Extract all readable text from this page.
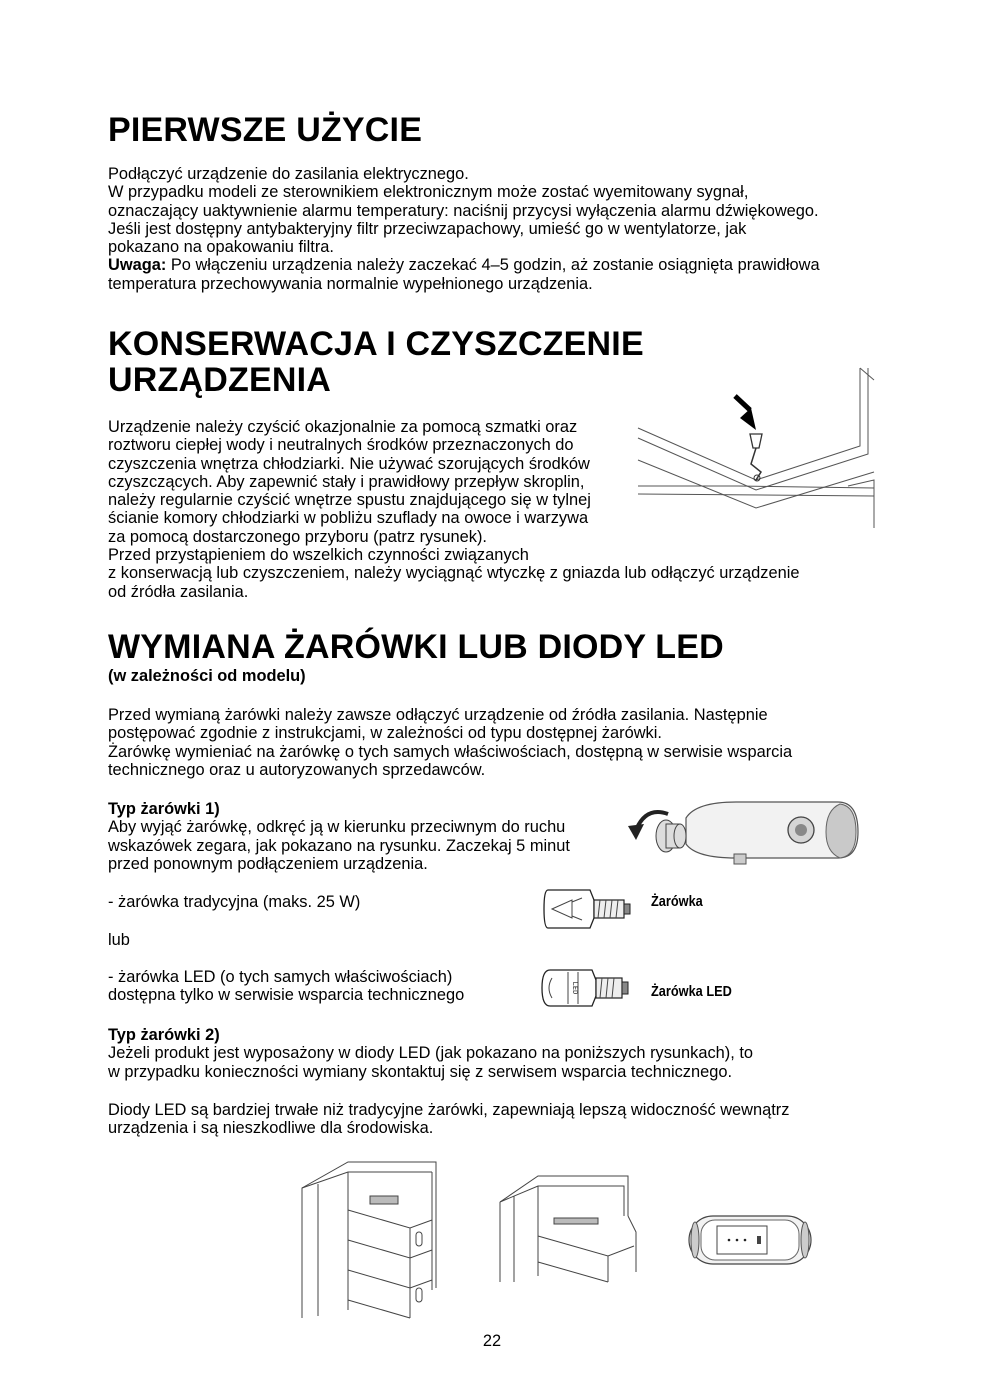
PIERWSZE UŻYCIE

Podłączyć urządzenie do zasilania elektrycznego.

W przypadku modeli ze sterownikiem elektronicznym może zostać wyemitowany sygnał,

oznaczający uaktywnienie alarmu temperatury: naciśnij przycysi wyłączenia alarmu dźwiękowego.

Jeśli jest dostępny antybakteryjny filtr przeciwzapachowy, umieść go w wentylatorze, jak

pokazano na opakowaniu filtra.

Uwaga: Po włączeniu urządzenia należy zaczekać 4–5 godzin, aż zostanie osiągnięta prawidłowa

temperatura przechowywania normalnie wypełnionego urządzenia.

KONSERWACJA I CZYSZCZENIE
URZĄDZENIA

Urządzenie należy czyścić okazjonalnie za pomocą szmatki oraz

roztworu ciepłej wody i neutralnych środków przeznaczonych do

czyszczenia wnętrza chłodziarki. Nie używać szorujących środków

czyszczących. Aby zapewnić stały i prawidłowy przepływ skroplin,

należy regularnie czyścić wnętrze spustu znajdującego się w tylnej

ścianie komory chłodziarki w pobliżu szuflady na owoce i warzywa

za pomocą dostarczonego przyboru (patrz rysunek).

Przed przystąpieniem do wszelkich czynności związanych

z konserwacją lub czyszczeniem, należy wyciągnąć wtyczkę z gniazda lub odłączyć urządzenie

od źródła zasilania.

WYMIANA ŻARÓWKI LUB DIODY LED
(w zależności od modelu)

Przed wymianą żarówki należy zawsze odłączyć urządzenie od źródła zasilania. Następnie

postępować zgodnie z instrukcjami, w zależności od typu dostępnej żarówki.

Żarówkę wymieniać na żarówkę o tych samych właściwościach, dostępną w serwisie wsparcia

technicznego oraz u autoryzowanych sprzedawców.

Typ żarówki 1)

Aby wyjąć żarówkę, odkręć ją w kierunku przeciwnym do ruchu

wskazówek zegara, jak pokazano na rysunku. Zaczekaj 5 minut

przed ponownym podłączeniem urządzenia.

- żarówka tradycyjna (maks. 25 W)	Żarówka
lub

- żarówka LED (o tych samych właściwościach)

dostępna tylko w serwisie wsparcia technicznego	LED	Żarówka LED

Typ żarówki 2)

Jeżeli produkt jest wyposażony w diody LED (jak pokazano na poniższych rysunkach), to

w przypadku konieczności wymiany skontaktuj się z serwisem wsparcia technicznego.

Diody LED są bardziej trwałe niż tradycyjne żarówki, zapewniają lepszą widoczność wewnątrz

urządzenia i są nieszkodliwe dla środowiska.

22
